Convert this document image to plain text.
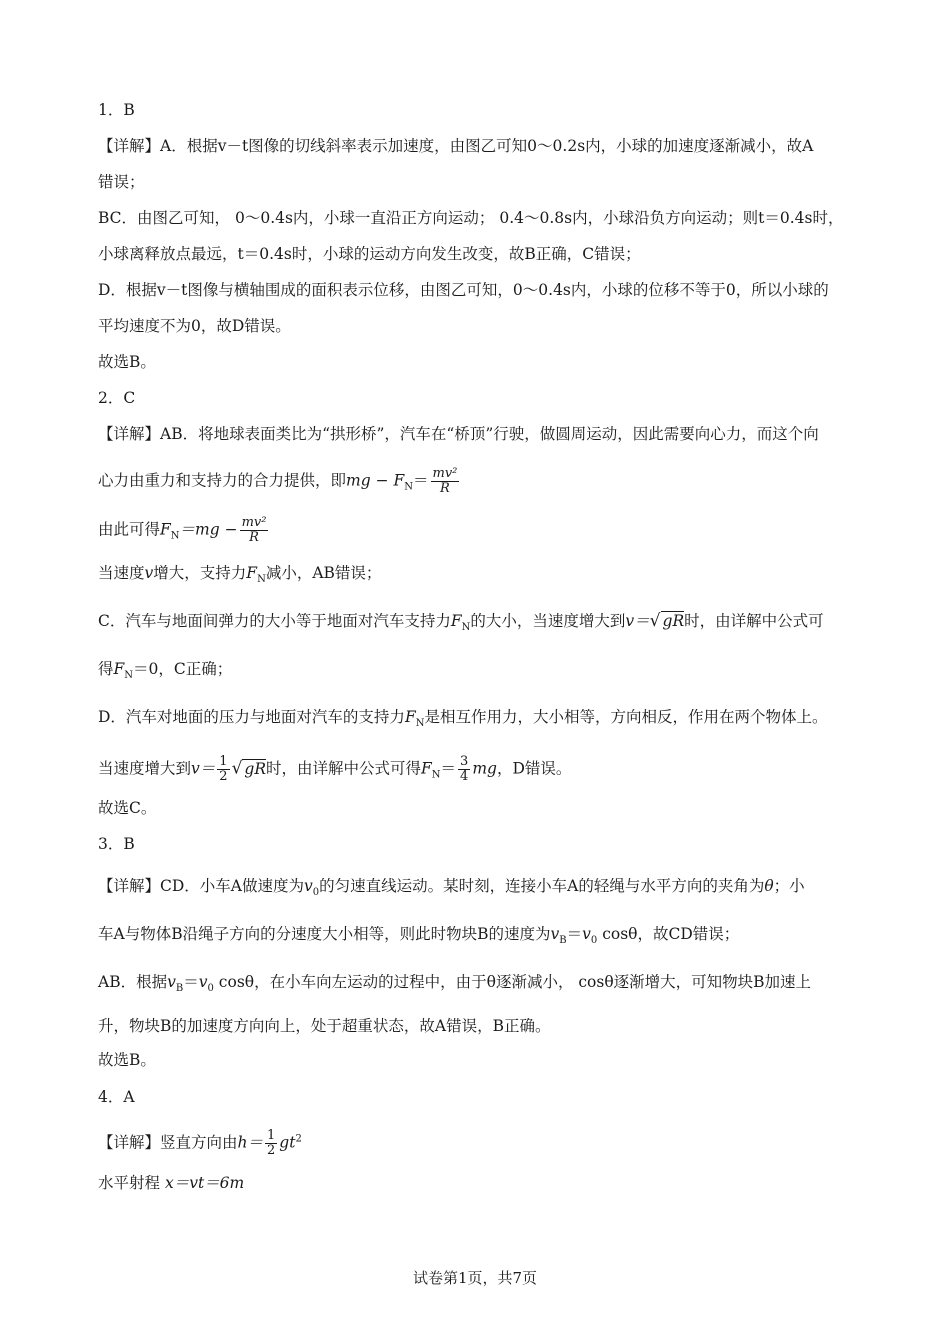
1．B
【详解】A．根据v－t图像的切线斜率表示加速度，由图乙可知0～0.2s内，小球的加速度逐渐减小，故A
错误；
BC．由图乙可知， 0～0.4s内，小球一直沿正方向运动； 0.4～0.8s内，小球沿负方向运动；则t＝0.4s时，
小球离释放点最远，t＝0.4s时，小球的运动方向发生改变，故B正确，C错误；
D．根据v－t图像与横轴围成的面积表示位移，由图乙可知，0～0.4s内，小球的位移不等于0，所以小球的
平均速度不为0，故D错误。
故选B。
2．C
【详解】AB．将地球表面类比为“拱形桥”，汽车在“桥顶”行驶，做圆周运动，因此需要向心力，而这个向
心力由重力和支持力的合力提供，即mg − $F_N= \frac{\text{mv²}}{R}$
由此可得$F_N=mg - \frac{\text{mv²}}{R}$
当速度v增大，支持力$F_N$减小，AB错误；
C．汽车与地面间弹力的大小等于地面对汽车支持力$F_N$的大小，当速度增大到v＝√ gR时，由详解中公式可
得$F_N=0$，C正确；
D．汽车对地面的压力与地面对汽车的支持力$F_N$是相互作用力，大小相等，方向相反，作用在两个物体上。
当速度增大到$v= \frac{1}{2}$ √ gR时，由详解中公式可得$F_N= \frac{3}{4}$ mg，D错误。
故选C。
3．B
【详解】CD．小车A做速度为$v_0$的匀速直线运动。某时刻，连接小车A的轻绳与水平方向的夹角为θ；小
车A与物体B沿绳子方向的分速度大小相等，则此时物块B的速度为$v_B=v_0$ cosθ，故CD错误；
AB．根据$v_B=v_0$ cosθ，在小车向左运动的过程中，由于θ逐渐减小， cosθ逐渐增大，可知物块B加速上
升，物块B的加速度方向向上，处于超重状态，故A错误，B正确。
故选B。
4．A
【详解】竖直方向由$h= \frac{1}{2} gt^2$
水平射程 x＝vt＝6m
试卷第1页，共7页
